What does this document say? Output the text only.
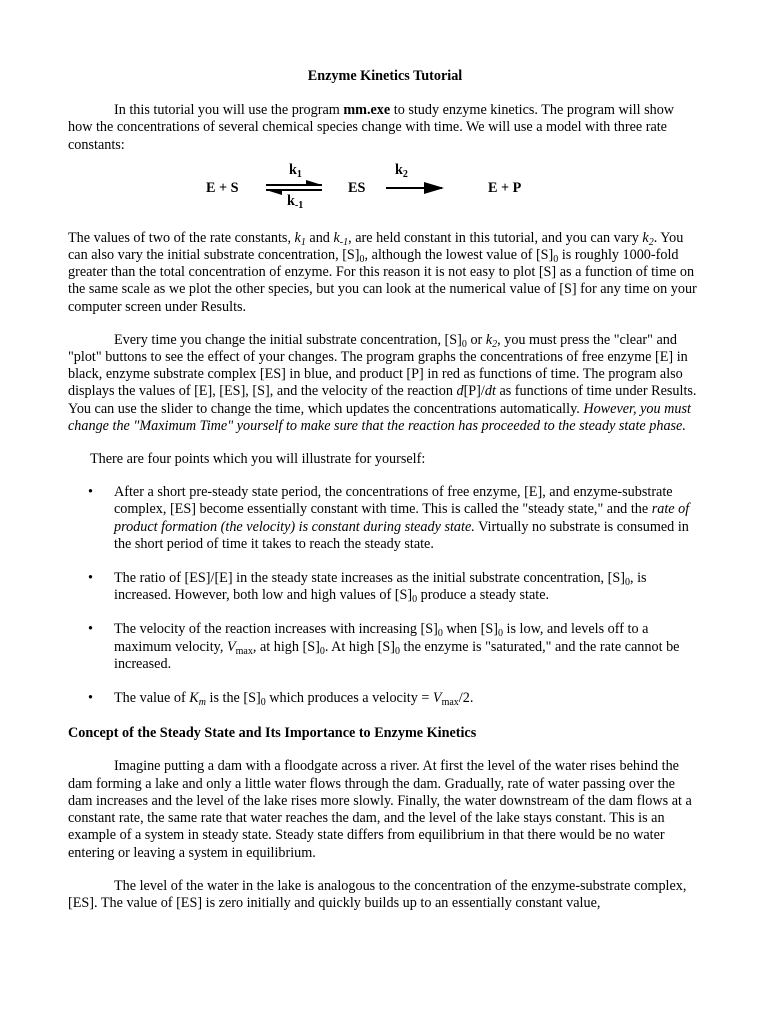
Enzyme Kinetics Tutorial

In this tutorial you will use the program mm.exe to study enzyme kinetics. The program will show how the concentrations of several chemical species change with time. We will use a model with three rate constants:

E + S
$k_1$
$k_{-1}$
ES
$k_2$
E + P

The values of two of the rate constants, $k_1$ and $k_{-1}$, are held constant in this tutorial, and you can vary $k_2$. You can also vary the initial substrate concentration, $[S]_0$, although the lowest value of $[S]_0$ is roughly 1000-fold greater than the total concentration of enzyme. For this reason it is not easy to plot [S] as a function of time on the same scale as we plot the other species, but you can look at the numerical value of [S] for any time on your computer screen under Results.

Every time you change the initial substrate concentration, $[S]_0$ or $k_2$, you must press the "clear" and "plot" buttons to see the effect of your changes. The program graphs the concentrations of free enzyme [E] in black, enzyme substrate complex [ES] in blue, and product [P] in red as functions of time. The program also displays the values of [E], [ES], [S], and the velocity of the reaction d[P]/dt as functions of time under Results. You can use the slider to change the time, which updates the concentrations automatically. However, you must change the "Maximum Time" yourself to make sure that the reaction has proceeded to the steady state phase.

There are four points which you will illustrate for yourself:

• After a short pre-steady state period, the concentrations of free enzyme, [E], and enzyme-substrate complex, [ES] become essentially constant with time. This is called the "steady state," and the rate of product formation (the velocity) is constant during steady state. Virtually no substrate is consumed in the short period of time it takes to reach the steady state.
• The ratio of [ES]/[E] in the steady state increases as the initial substrate concentration, $[S]_0$, is increased. However, both low and high values of $[S]_0$ produce a steady state.
• The velocity of the reaction increases with increasing $[S]_0$ when $[S]_0$ is low, and levels off to a maximum velocity, $V_{max}$, at high $[S]_0$. At high $[S]_0$ the enzyme is "saturated," and the rate cannot be increased.
• The value of $K_m$ is the $[S]_0$ which produces a velocity = $V_{max}/2$.

Concept of the Steady State and Its Importance to Enzyme Kinetics

Imagine putting a dam with a floodgate across a river. At first the level of the water rises behind the dam forming a lake and only a little water flows through the dam. Gradually, rate of water passing over the dam increases and the level of the lake rises more slowly. Finally, the water downstream of the dam flows at a constant rate, the same rate that water reaches the dam, and the level of the lake stays constant. This is an example of a system in steady state. Steady state differs from equilibrium in that there would be no water entering or leaving a system in equilibrium.

The level of the water in the lake is analogous to the concentration of the enzyme-substrate complex, [ES]. The value of [ES] is zero initially and quickly builds up to an essentially constant value,
